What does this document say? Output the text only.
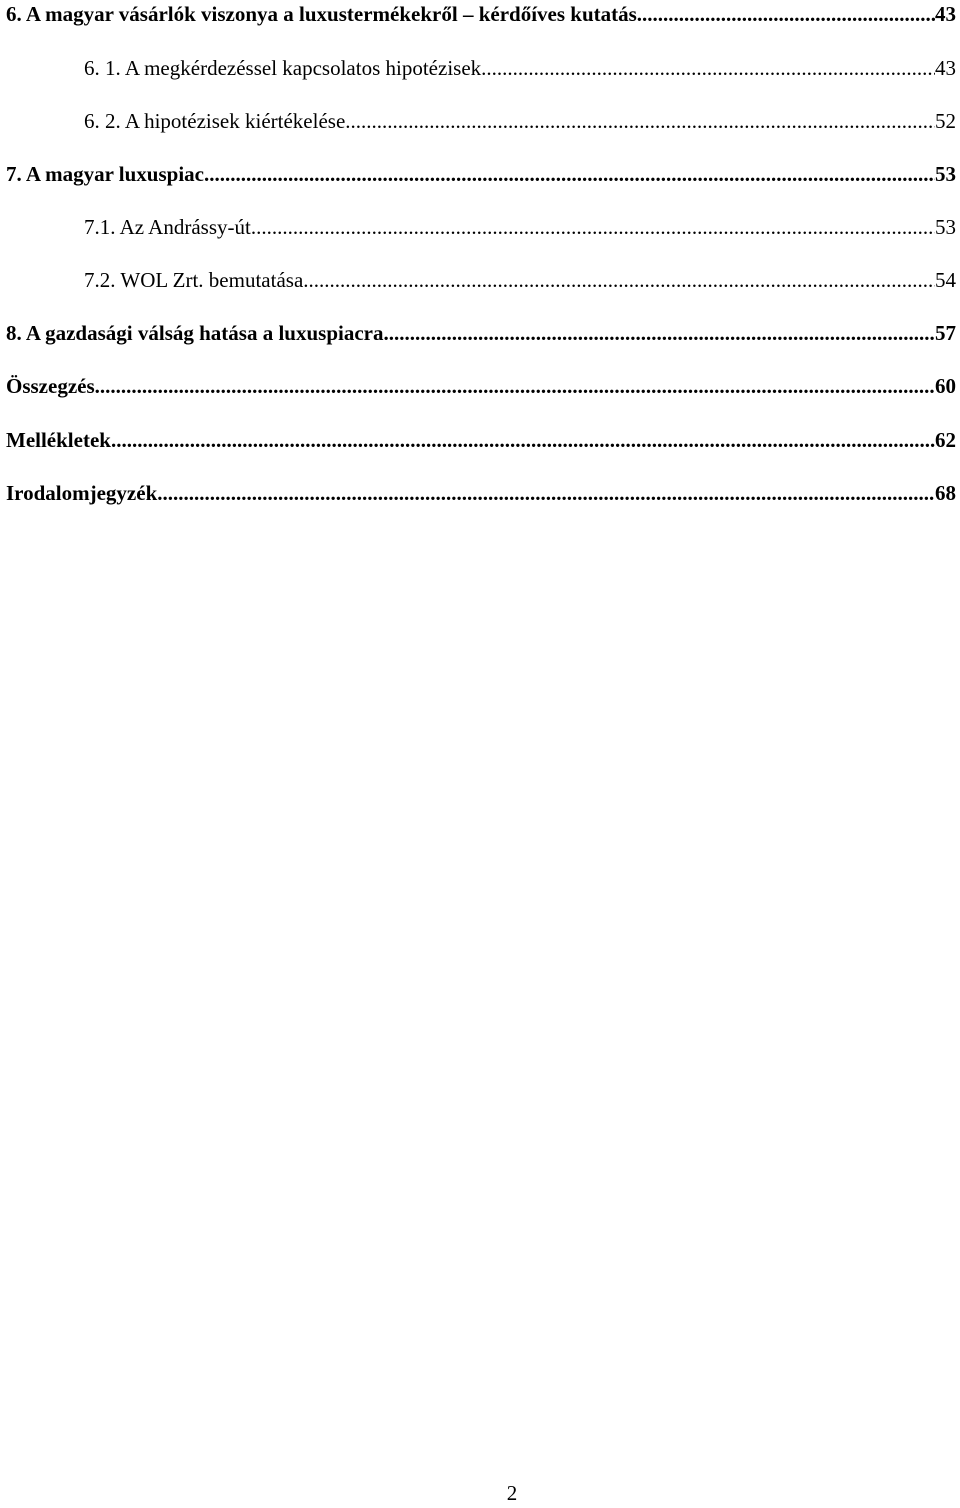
6. A magyar vásárlók viszonya a luxustermékekről – kérdőíves kutatás .....	43
6. 1. A megkérdezéssel kapcsolatos hipotézisek .....	43
6. 2. A hipotézisek kiértékelése .....	52
7. A magyar luxuspiac .....	53
7.1. Az Andrássy-út .....	53
7.2. WOL Zrt. bemutatása .....	54
8. A gazdasági válság hatása a luxuspiacra .....	57
Összegzés .....	60
Mellékletek .....	62
Irodalomjegyzék .....	68
2
